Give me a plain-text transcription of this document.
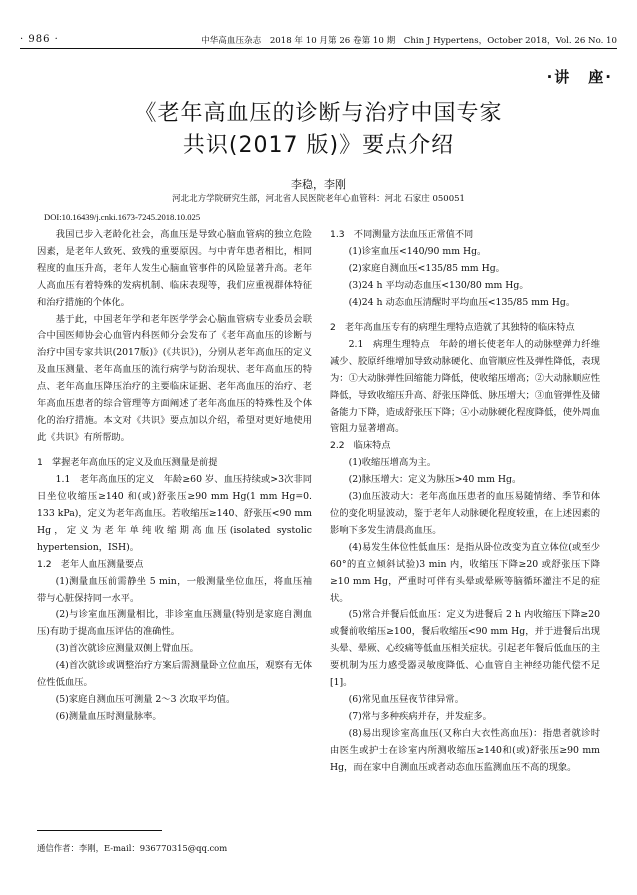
· 986 ·	中华高血压杂志　2018 年 10 月第 26 卷第 10 期　Chin J Hypertens，October 2018，Vol. 26 No. 10
·讲　座·
《老年高血压的诊断与治疗中国专家
共识(2017 版)》要点介绍
李稳，李刚
河北北方学院研究生部，河北省人民医院老年心血管科：河北 石家庄 050051
DOI:10.16439/j.cnki.1673-7245.2018.10.025
我国已步入老龄化社会，高血压是导致心脑血管病的独立危险因素，是老年人致死、致残的重要原因。与中青年患者相比，相同程度的血压升高，老年人发生心脑血管事件的风险显著升高。老年人高血压有着特殊的发病机制、临床表现等，我们应重视群体特征和治疗措施的个体化。
基于此，中国老年学和老年医学学会心脑血管病专业委员会联合中国医师协会心血管内科医师分会发布了《老年高血压的诊断与治疗中国专家共识(2017版)》(《共识》)，分别从老年高血压的定义及血压测量、老年高血压的流行病学与防治现状、老年高血压的特点、老年高血压降压治疗的主要临床证据、老年高血压的治疗、老年高血压患者的综合管理等方面阐述了老年高血压的特殊性及个体化的治疗措施。本文对《共识》要点加以介绍，希望对更好地使用此《共识》有所帮助。
1　掌握老年高血压的定义及血压测量是前提
1.1　老年高血压的定义　年龄≥60 岁、血压持续或>3次非同日坐位收缩压≥140 和(或)舒张压≥90 mm Hg(1 mm Hg=0. 133 kPa)，定义为老年高血压。若收缩压≥140、舒张压<90 mm Hg，定义为老年单纯收缩期高血压(isolated systolic hypertension，ISH)。
1.2　老年人血压测量要点
(1)测量血压前需静坐 5 min，一般测量坐位血压，将血压袖带与心脏保持同一水平。
(2)与诊室血压测量相比，非诊室血压测量(特别是家庭自测血压)有助于提高血压评估的准确性。
(3)首次就诊应测量双侧上臂血压。
(4)首次就诊或调整治疗方案后需测量卧立位血压，观察有无体位性低血压。
(5)家庭自测血压可测量 2～3 次取平均值。
(6)测量血压时测量脉率。
1.3　不同测量方法血压正常值不同
(1)诊室血压<140/90 mm Hg。
(2)家庭自测血压<135/85 mm Hg。
(3)24 h 平均动态血压<130/80 mm Hg。
(4)24 h 动态血压清醒时平均血压<135/85 mm Hg。
2　老年高血压专有的病理生理特点造就了其独特的临床特点
2.1　病理生理特点　年龄的增长使老年人的动脉壁弹力纤维减少、胶原纤维增加导致动脉硬化、血管顺应性及弹性降低，表现为：①大动脉弹性回缩能力降低，使收缩压增高；②大动脉顺应性降低，导致收缩压升高、舒张压降低、脉压增大；③血管弹性及储备能力下降，造成舒张压下降；④小动脉硬化程度降低，使外周血管阻力显著增高。
2.2　临床特点
(1)收缩压增高为主。
(2)脉压增大：定义为脉压>40 mm Hg。
(3)血压波动大：老年高血压患者的血压易随情绪、季节和体位的变化明显波动，鉴于老年人动脉硬化程度较重，在上述因素的影响下多发生清晨高血压。
(4)易发生体位性低血压：是指从卧位改变为直立体位(或至少 60°的直立倾斜试验)3 min 内，收缩压下降≥20 或舒张压下降≥10 mm Hg，严重时可伴有头晕或晕厥等脑循环灌注不足的症状。
(5)常合并餐后低血压：定义为进餐后 2 h 内收缩压下降≥20 或餐前收缩压≥100，餐后收缩压<90 mm Hg，并于进餐后出现头晕、晕厥、心绞痛等低血压相关症状。引起老年餐后低血压的主要机制为压力感受器灵敏度降低、心血管自主神经功能代偿不足[1]。
(6)常见血压昼夜节律异常。
(7)常与多种疾病并存，并发症多。
(8)易出现诊室高血压(又称白大衣性高血压)：指患者就诊时由医生或护士在诊室内所测收缩压≥140和(或)舒张压≥90 mm Hg，而在家中自测血压或者动态血压监测血压不高的现象。
通信作者：李刚，E-mail：936770315@qq.com
